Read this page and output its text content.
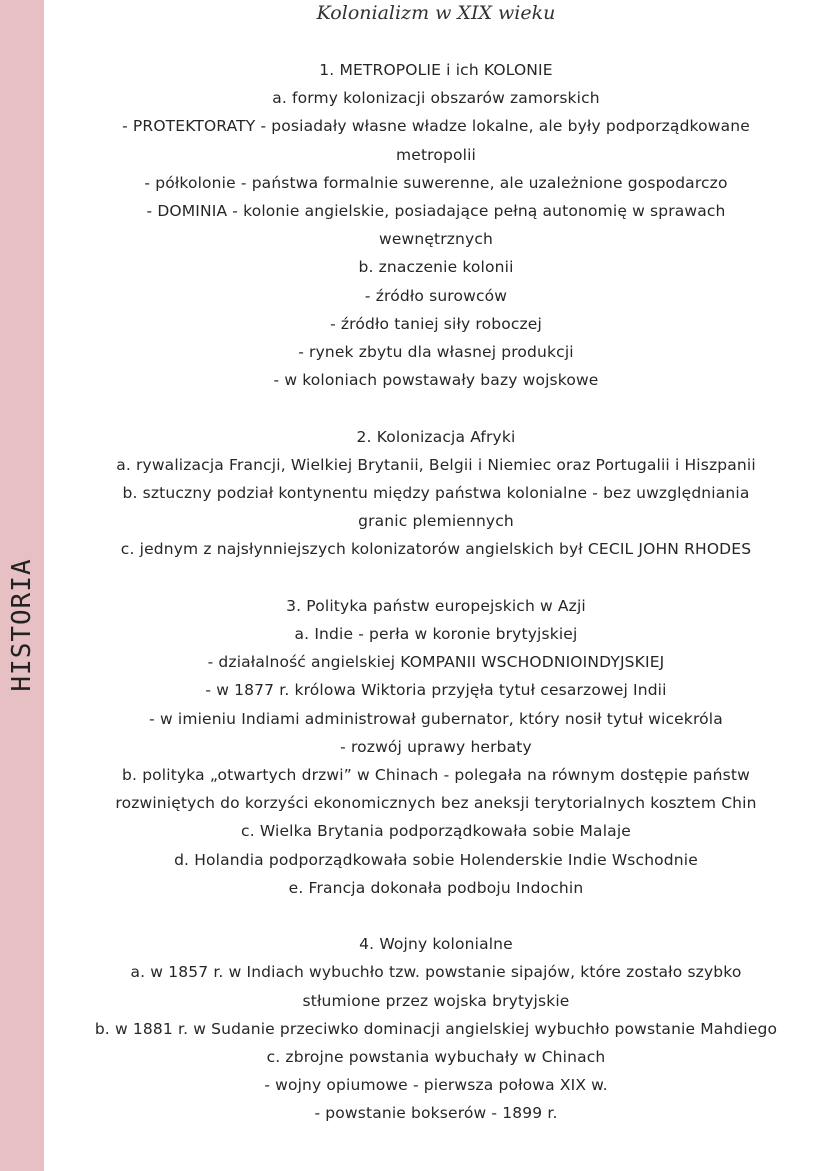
HISTORIA
Kolonializm w XIX wieku
1. METROPOLIE i ich KOLONIE
a. formy kolonizacji obszarów zamorskich
- PROTEKTORATY - posiadały własne władze lokalne, ale były podporządkowane
metropolii
- półkolonie - państwa formalnie suwerenne, ale uzależnione gospodarczo
- DOMINIA - kolonie angielskie, posiadające pełną autonomię w sprawach
wewnętrznych
b. znaczenie kolonii
- źródło surowców
- źródło taniej siły roboczej
- rynek zbytu dla własnej produkcji
- w koloniach powstawały bazy wojskowe
2. Kolonizacja Afryki
a. rywalizacja Francji, Wielkiej Brytanii, Belgii i Niemiec oraz Portugalii i Hiszpanii
b. sztuczny podział kontynentu między państwa kolonialne - bez uwzględniania
granic plemiennych
c. jednym z najsłynniejszych kolonizatorów angielskich był CECIL JOHN RHODES
3. Polityka państw europejskich w Azji
a. Indie - perła w koronie brytyjskiej
- działalność angielskiej KOMPANII WSCHODNIOINDYJSKIEJ
- w 1877 r. królowa Wiktoria przyjęła tytuł cesarzowej Indii
- w imieniu Indiami administrował gubernator, który nosił tytuł wicekróla
- rozwój uprawy herbaty
b. polityka „otwartych drzwi” w Chinach - polegała na równym dostępie państw
rozwiniętych do korzyści ekonomicznych bez aneksji terytorialnych kosztem Chin
c. Wielka Brytania podporządkowała sobie Malaje
d. Holandia podporządkowała sobie Holenderskie Indie Wschodnie
e. Francja dokonała podboju Indochin
4. Wojny kolonialne
a. w 1857 r. w Indiach wybuchło tzw. powstanie sipajów, które zostało szybko
stłumione przez wojska brytyjskie
b. w 1881 r. w Sudanie przeciwko dominacji angielskiej wybuchło powstanie Mahdiego
c. zbrojne powstania wybuchały w Chinach
- wojny opiumowe - pierwsza połowa XIX w.
- powstanie bokserów - 1899 r.
